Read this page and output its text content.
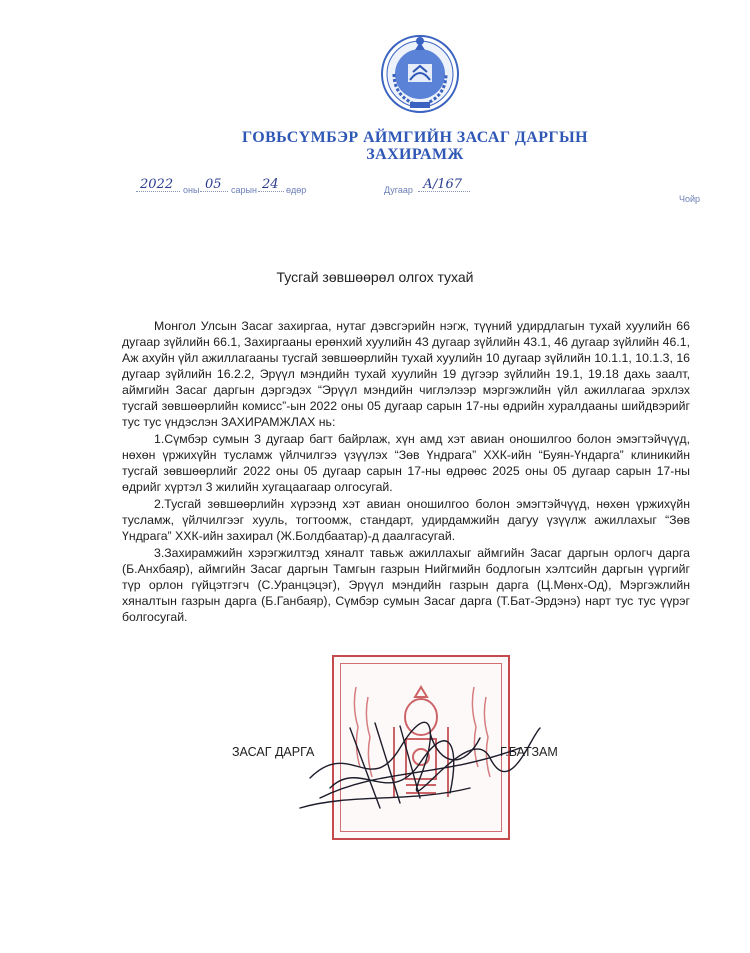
ГОВЬСҮМБЭР АЙМГИЙН ЗАСАГ ДАРГЫН
ЗАХИРАМЖ
2022 оны 05 сарын 24 өдөр	Дугаар А/167
Чойр
Тусгай зөвшөөрөл олгох тухай

Монгол Улсын Засаг захиргаа, нутаг дэвсгэрийн нэгж, түүний удирдлагын тухай хуулийн 66 дугаар зүйлийн 66.1, Захиргааны ерөнхий хуулийн 43 дугаар зүйлийн 43.1, 46 дугаар зүйлийн 46.1, Аж ахуйн үйл ажиллагааны тусгай зөвшөөрлийн тухай хуулийн 10 дугаар зүйлийн 10.1.1, 10.1.3, 16 дугаар зүйлийн 16.2.2, Эрүүл мэндийн тухай хуулийн 19 дүгээр зүйлийн 19.1, 19.18 дахь заалт, аймгийн Засаг даргын дэргэдэх “Эрүүл мэндийн чиглэлээр мэргэжлийн үйл ажиллагаа эрхлэх тусгай зөвшөөрлийн комисс”-ын 2022 оны 05 дугаар сарын 17-ны өдрийн хуралдааны шийдвэрийг тус тус үндэслэн ЗАХИРАМЖЛАХ нь:

1.Сүмбэр сумын 3 дугаар багт байрлаж, хүн амд хэт авиан оношилгоо болон эмэгтэйчүүд, нөхөн үржихүйн тусламж үйлчилгээ үзүүлэх “Зөв Үндрага” ХХК-ийн “Буян-Үндарга” клиникийн тусгай зөвшөөрлийг 2022 оны 05 дугаар сарын 17-ны өдрөөс 2025 оны 05 дугаар сарын 17-ны өдрийг хүртэл 3 жилийн хугацаагаар олгосугай.

2.Тусгай зөвшөөрлийн хүрээнд хэт авиан оношилгоо болон эмэгтэйчүүд, нөхөн үржихүйн тусламж, үйлчилгээг хууль, тогтоомж, стандарт, удирдамжийн дагуу үзүүлж ажиллахыг “Зөв Үндрага” ХХК-ийн захирал (Ж.Болдбаатар)-д даалгасугай.

3.Захирамжийн хэрэгжилтэд хяналт тавьж ажиллахыг аймгийн Засаг даргын орлогч дарга (Б.Анхбаяр), аймгийн Засаг даргын Тамгын газрын Нийгмийн бодлогын хэлтсийн даргын үүргийг түр орлон гүйцэтгэгч (С.Уранцэцэг), Эрүүл мэндийн газрын дарга (Ц.Мөнх-Од), Мэргэжлийн хяналтын газрын дарга (Б.Ганбаяр), Сүмбэр сумын Засаг дарга (Т.Бат-Эрдэнэ) нарт тус тус үүрэг болгосугай.

ЗАСАГ ДАРГА	Г.БАТЗАМ
